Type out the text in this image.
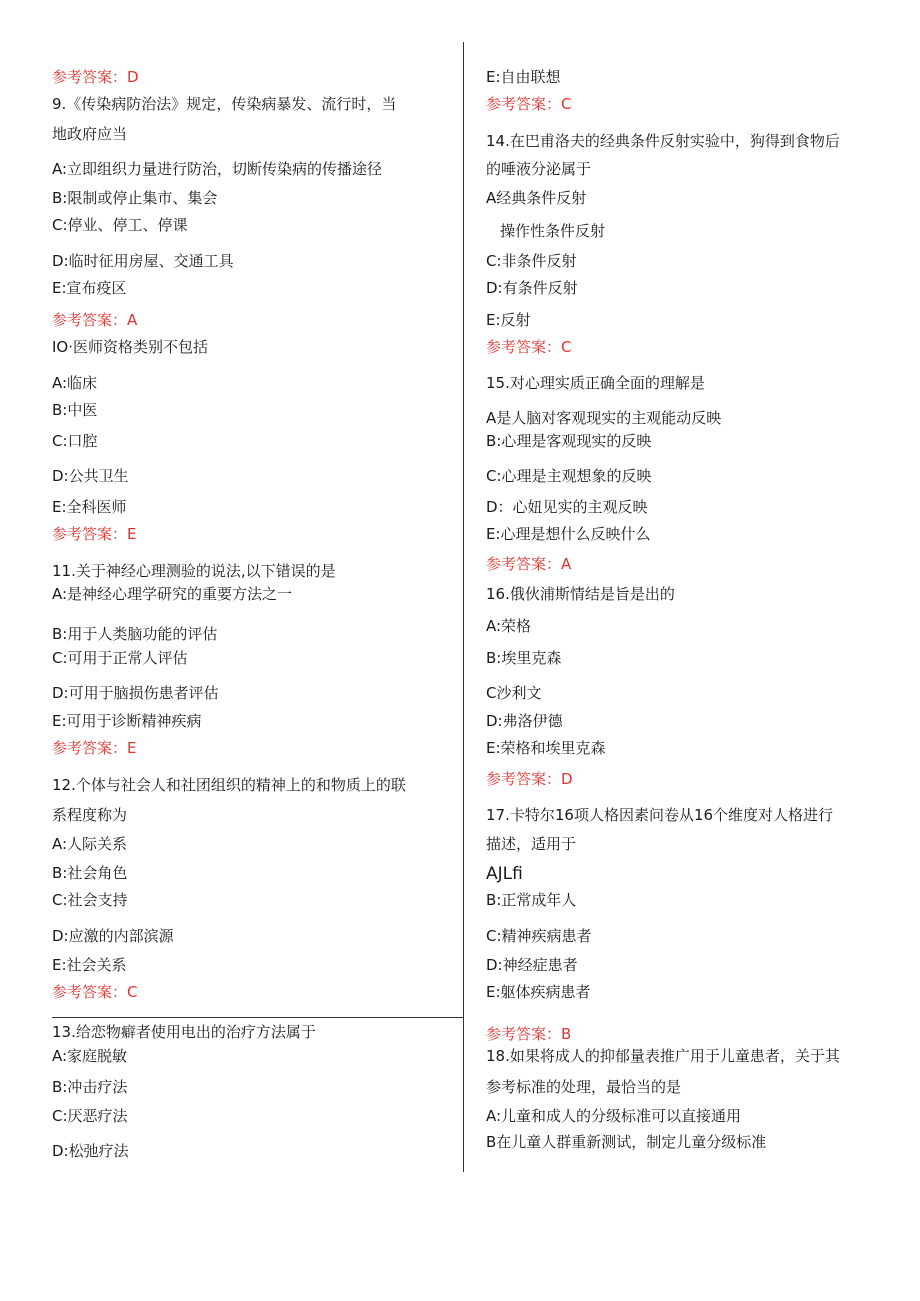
参考答案：D
9.《传染病防治法》规定，传染病暴发、流行时，当
地政府应当
A:立即组织力量进行防治，切断传染病的传播途径
B:限制或停止集市、集会
C:停业、停工、停课
D:临时征用房屋、交通工具
E:宣布疫区
参考答案：A
IO·医师资格类别不包括
A:临床
B:中医
C:口腔
D:公共卫生
E:全科医师
参考答案：E
11.关于神经心理测验的说法,以下错误的是
A:是神经心理学研究的重要方法之一
B:用于人类脑功能的评估
C:可用于正常人评估
D:可用于脑损伤患者评估
E:可用于诊断精神疾病
参考答案：E
12.个体与社会人和社团组织的精神上的和物质上的联
系程度称为
A:人际关系
B:社会角色
C:社会支持
D:应激的内部滨源
E:社会关系
参考答案：C
13.给恋物癖者使用电出的治疗方法属于
A:家庭脱敏
B:冲击疗法
C:厌恶疗法
D:松弛疗法
E:自由联想
参考答案：C
14.在巴甫洛夫的经典条件反射实验中，狗得到食物后
的唾液分泌属于
A经典条件反射
操作性条件反射
C:非条件反射
D:有条件反射
E:反射
参考答案：C
15.对心理实质正确全面的理解是
A是人脑对客观现实的主观能动反映
B:心理是客观现实的反映
C:心理是主观想象的反映
D：心妞见实的主观反映
E:心理是想什么反映什么
参考答案：A
16.俄伙浦斯情结是旨是出的
A:荣格
B:埃里克森
C沙利文
D:弗洛伊德
E:荣格和埃里克森
参考答案：D
17.卡特尔16项人格因素问卷从16个维度对人格进行
描述，适用于
AJLfi
B:正常成年人
C:精神疾病患者
D:神经症患者
E:躯体疾病患者
参考答案：B
18.如果将成人的抑郁量表推广用于儿童患者，关于其
参考标准的处理，最恰当的是
A:儿童和成人的分级标准可以直接通用
B在儿童人群重新测试，制定儿童分级标准
